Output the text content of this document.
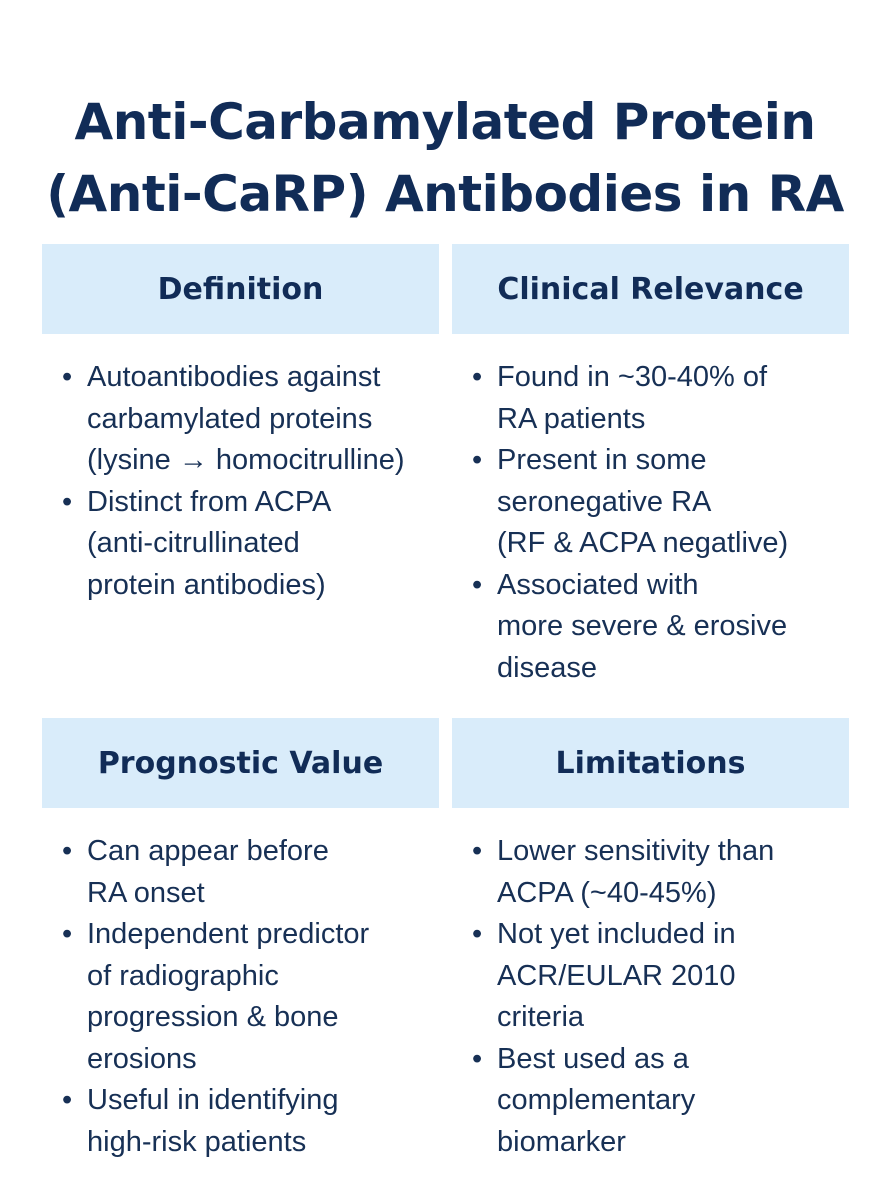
Anti-Carbamylated Protein
(Anti-CaRP) Antibodies in RA
Definition
• Autoantibodies against
carbamylated proteins
(lysine → homocitrulline)
• Distinct from ACPA
(anti-citrullinated
protein antibodies)
Clinical Relevance
• Found in ~30-40% of
RA patients
• Present in some
seronegative RA
(RF & ACPA negatlive)
• Associated with
more severe & erosive
disease
Prognostic Value
• Can appear before
RA onset
• Independent predictor
of radiographic
progression & bone
erosions
• Useful in identifying
high-risk patients
Limitations
• Lower sensitivity than
ACPA (~40-45%)
• Not yet included in
ACR/EULAR 2010
criteria
• Best used as a
complementary
biomarker
